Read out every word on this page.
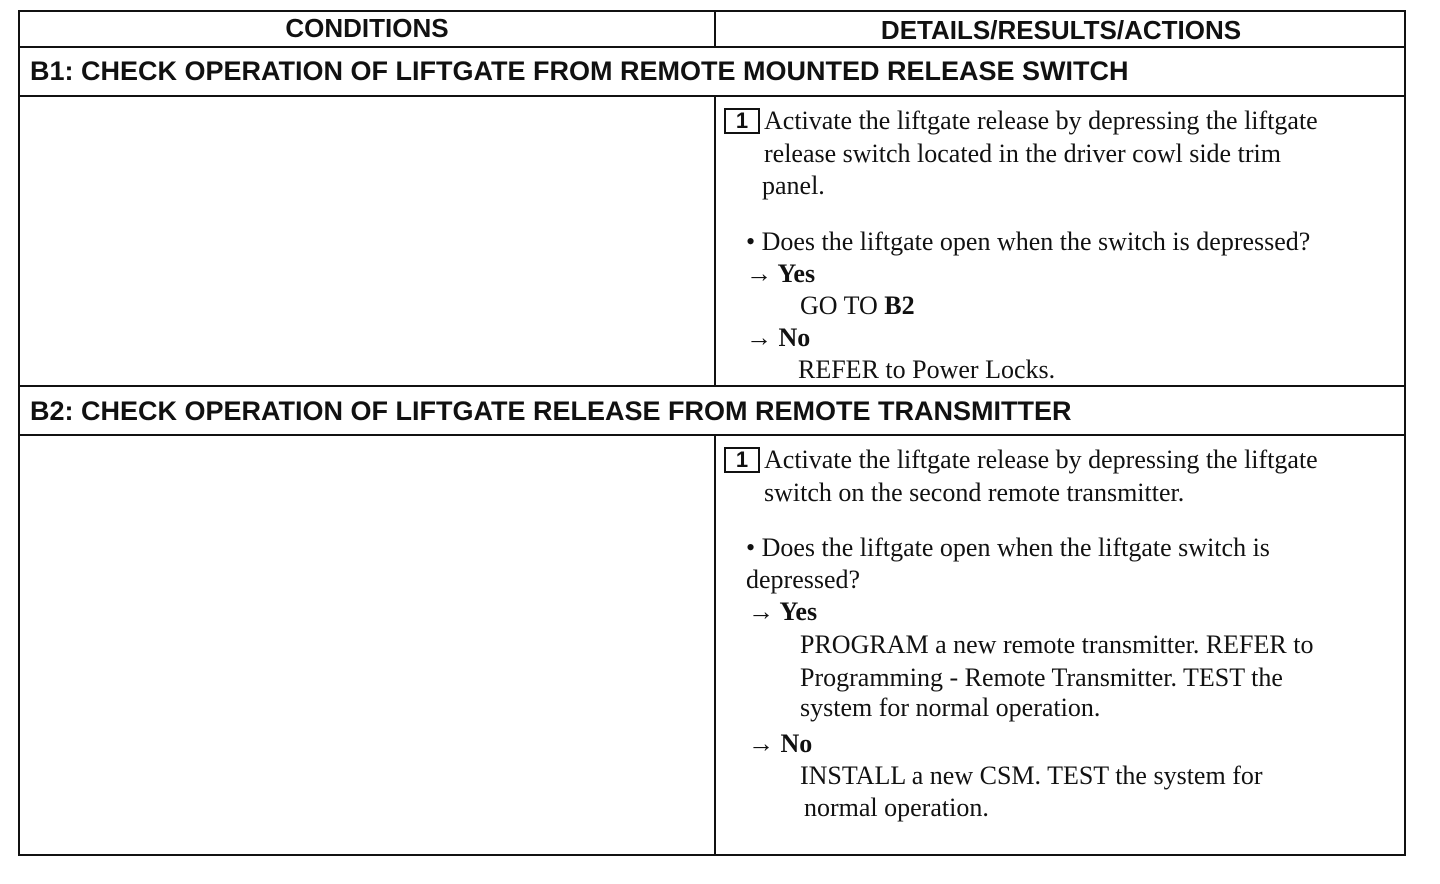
CONDITIONS	DETAILS/RESULTS/ACTIONS
B1: CHECK OPERATION OF LIFTGATE FROM REMOTE MOUNTED RELEASE SWITCH
1 Activate the liftgate release by depressing the liftgate
release switch located in the driver cowl side trim
panel.
• Does the liftgate open when the switch is depressed?
→ Yes
GO TO B2
→ No
REFER to Power Locks.
B2: CHECK OPERATION OF LIFTGATE RELEASE FROM REMOTE TRANSMITTER
1 Activate the liftgate release by depressing the liftgate
switch on the second remote transmitter.
• Does the liftgate open when the liftgate switch is
depressed?
→ Yes
PROGRAM a new remote transmitter. REFER to
Programming - Remote Transmitter. TEST the
system for normal operation.
→ No
INSTALL a new CSM. TEST the system for
normal operation.
